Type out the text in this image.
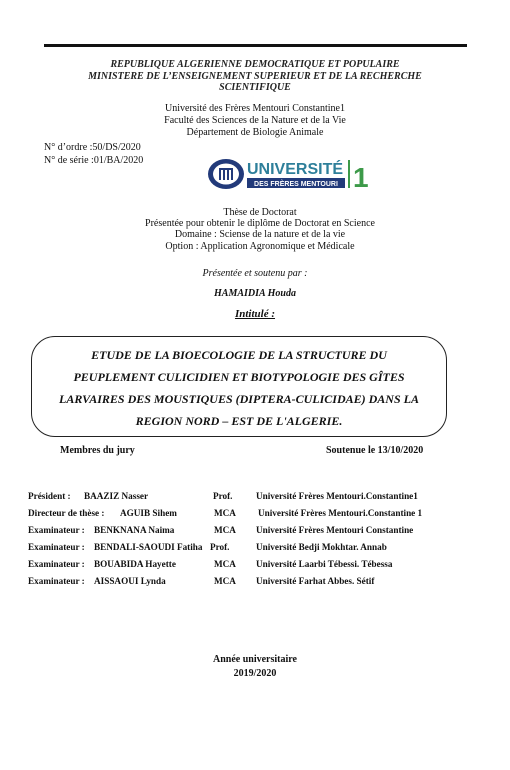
REPUBLIQUE ALGERIENNE DEMOCRATIQUE ET POPULAIRE
MINISTERE DE L’ENSEIGNEMENT SUPERIEUR ET DE LA RECHERCHE
SCIENTIFIQUE
Université des Frères Mentouri Constantine1
Faculté des Sciences de la Nature et de la Vie
Département de Biologie Animale
N° d’ordre :50/DS/2020
N° de série :01/BA/2020
UNIVERSITÉ
DES FRÈRES MENTOURI 1
Thèse de Doctorat
Présentée pour obtenir le diplôme de Doctorat en Science
Domaine : Sciense de la nature et de la vie
Option : Application Agronomique et Médicale
Présentée et soutenu par :
HAMAIDIA Houda
Intitulé :
ETUDE DE LA BIOECOLOGIE DE LA STRUCTURE DU
PEUPLEMENT CULICIDIEN ET BIOTYPOLOGIE DES GÎTES
LARVAIRES DES MOUSTIQUES (DIPTERA-CULICIDAE) DANS LA
REGION NORD – EST DE L'ALGERIE.
Membres du jury	Soutenue le 13/10/2020
Président : BAAZIZ Nasser	Prof.	Université Frères Mentouri.Constantine1
Directeur de thèse : AGUIB Sihem	MCA Université Frères Mentouri.Constantine 1
Examinateur : BENKNANA Naima	MCA Université Frères Mentouri Constantine
Examinateur : BENDALI-SAOUDI Fatiha Prof.	Université Bedji Mokhtar. Annab
Examinateur : BOUABIDA Hayette	MCA Université Laarbi Tébessi. Tébessa
Examinateur : AISSAOUI Lynda	MCA Université Farhat Abbes. Sétif
Année universitaire
2019/2020
